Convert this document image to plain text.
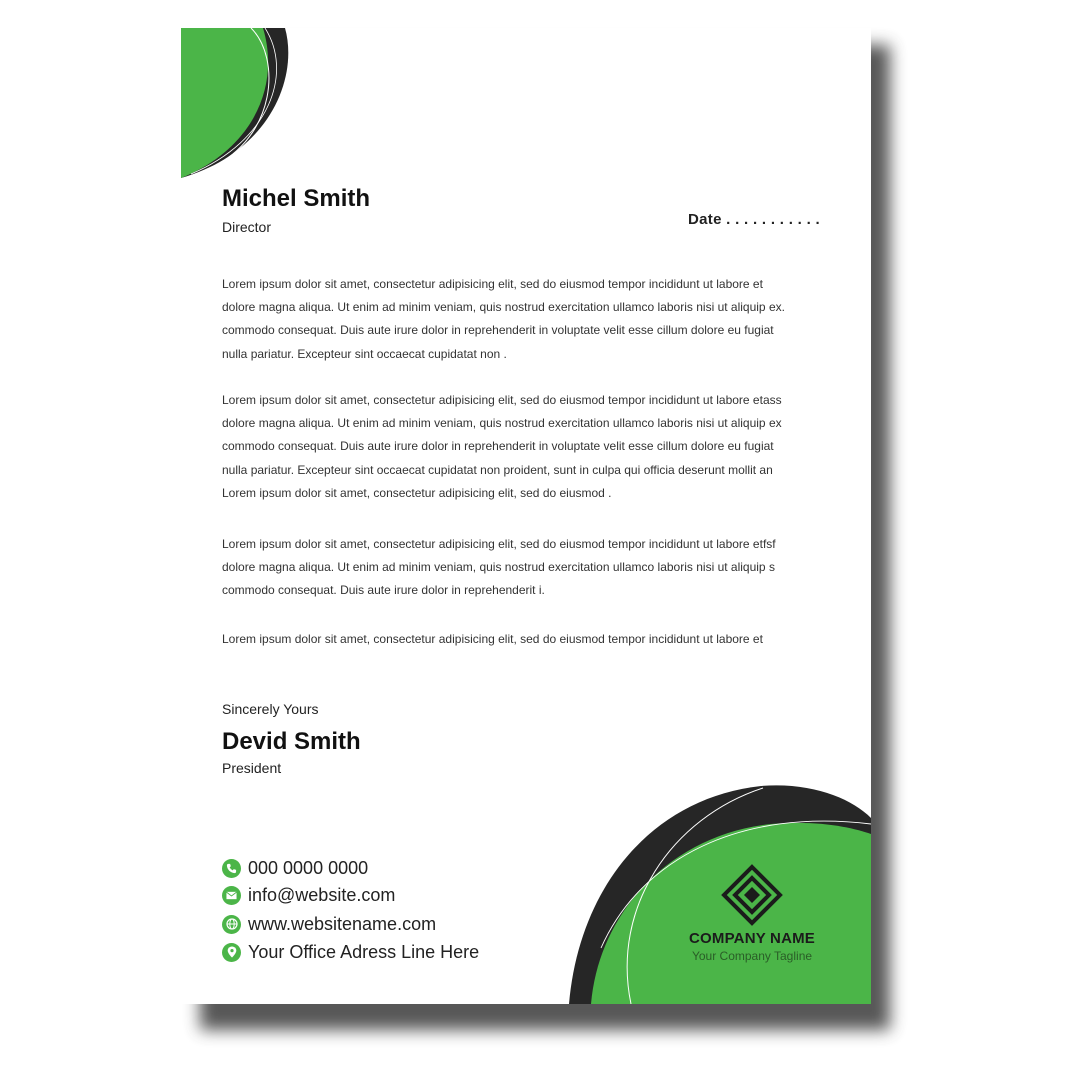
Michel Smith
Director	Date . . . . . . . . . . .

Lorem ipsum dolor sit amet, consectetur adipisicing elit, sed do eiusmod tempor incididunt ut labore et
dolore magna aliqua. Ut enim ad minim veniam, quis nostrud exercitation ullamco laboris nisi ut aliquip ex.
commodo consequat. Duis aute irure dolor in reprehenderit in voluptate velit esse cillum dolore eu fugiat
nulla pariatur. Excepteur sint occaecat cupidatat non .

Lorem ipsum dolor sit amet, consectetur adipisicing elit, sed do eiusmod tempor incididunt ut labore etass
dolore magna aliqua. Ut enim ad minim veniam, quis nostrud exercitation ullamco laboris nisi ut aliquip ex
commodo consequat. Duis aute irure dolor in reprehenderit in voluptate velit esse cillum dolore eu fugiat
nulla pariatur. Excepteur sint occaecat cupidatat non proident, sunt in culpa qui officia deserunt mollit an
Lorem ipsum dolor sit amet, consectetur adipisicing elit, sed do eiusmod .

Lorem ipsum dolor sit amet, consectetur adipisicing elit, sed do eiusmod tempor incididunt ut labore etfsf
dolore magna aliqua. Ut enim ad minim veniam, quis nostrud exercitation ullamco laboris nisi ut aliquip s
commodo consequat. Duis aute irure dolor in reprehenderit i.

Lorem ipsum dolor sit amet, consectetur adipisicing elit, sed do eiusmod tempor incididunt ut labore et

Sincerely Yours
Devid Smith
President
000 0000 0000
info@website.com
www.websitename.com
Your Office Adress Line Here
COMPANY NAME
Your Company Tagline
